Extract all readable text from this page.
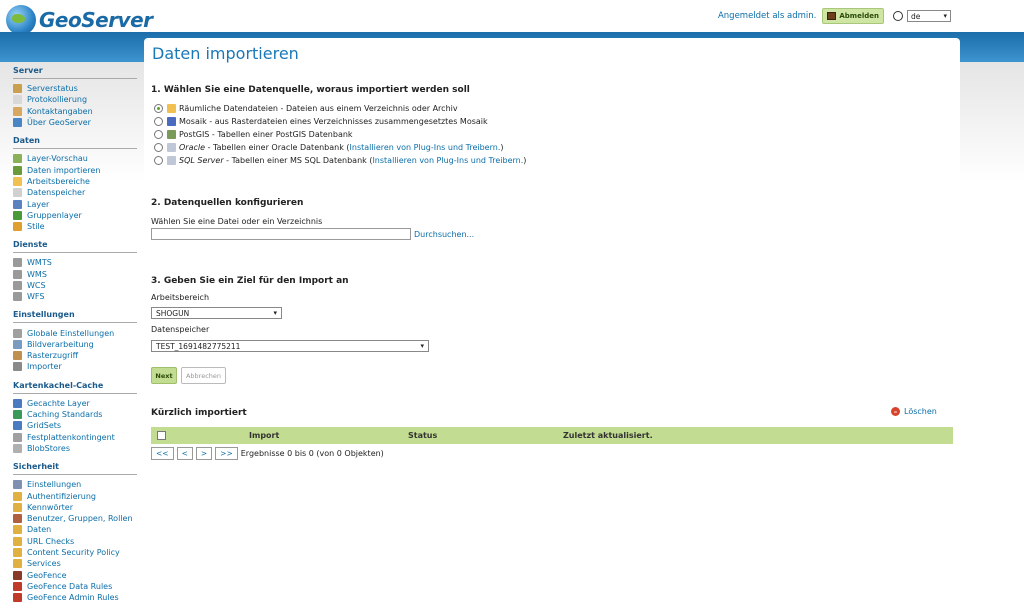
GeoServer	Angemeldet als admin.	Abmelden	de	▾
Daten importieren
Server
Serverstatus
Protokollierung
Kontaktangaben
Über GeoServer
Daten
Layer-Vorschau
Daten importieren
Arbeitsbereiche
Datenspeicher
Layer
Gruppenlayer
Stile
Dienste
WMTS
WMS
WCS
WFS
Einstellungen
Globale Einstellungen
Bildverarbeitung
Rasterzugriff
Importer
Kartenkachel-Cache
Gecachte Layer
Caching Standards
GridSets
Festplattenkontingent
BlobStores
Sicherheit
Einstellungen
Authentifizierung
Kennwörter
Benutzer, Gruppen, Rollen
Daten
URL Checks
Content Security Policy
Services
GeoFence
GeoFence Data Rules
GeoFence Admin Rules
1. Wählen Sie eine Datenquelle, woraus importiert werden soll
Räumliche Datendateien - Dateien aus einem Verzeichnis oder Archiv
Mosaik - aus Rasterdateien eines Verzeichnisses zusammengesetztes Mosaik
PostGIS - Tabellen einer PostGIS Datenbank
Oracle - Tabellen einer Oracle Datenbank ( Installieren von Plug-Ins und Treibern. )
SQL Server - Tabellen einer MS SQL Datenbank ( Installieren von Plug-Ins und Treibern. )
2. Datenquellen konfigurieren
Wählen Sie eine Datei oder ein Verzeichnis
Durchsuchen...
3. Geben Sie ein Ziel für den Import an
Arbeitsbereich
SHOGUN	▾
Datenspeicher
TEST_1691482775211	▾
Next	Abbrechen
Kürzlich importiert	– Löschen
Import	Status	Zuletzt aktualisiert.
<<	<	>	>>	Ergebnisse 0 bis 0 (von 0 Objekten)
